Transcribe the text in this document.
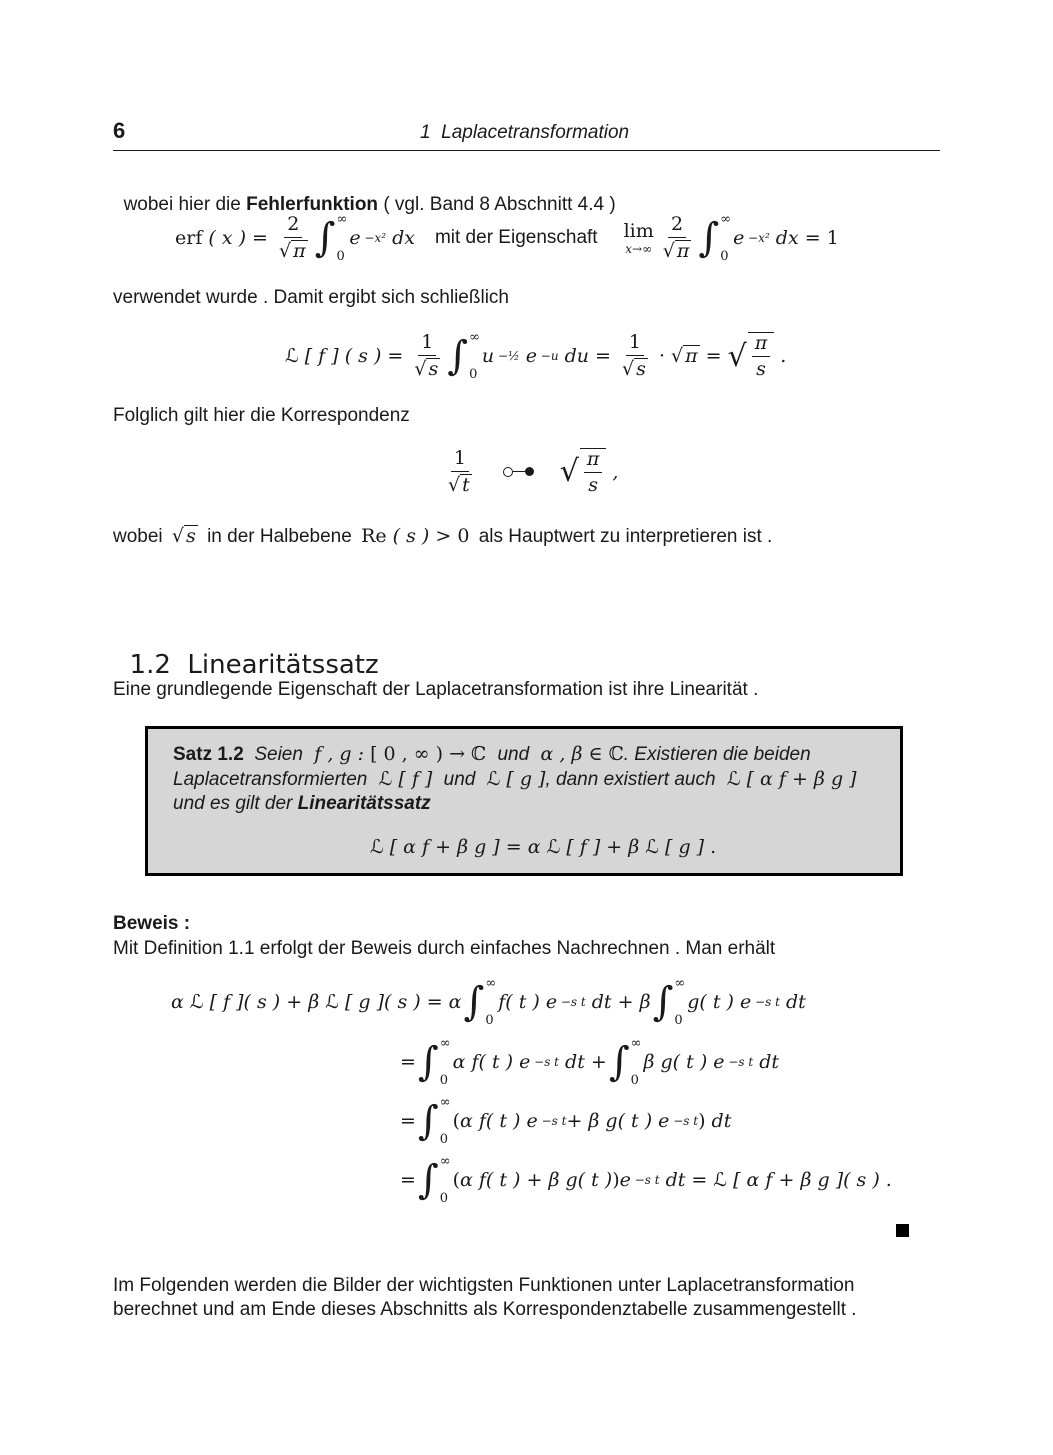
6	1  Laplacetransformation

wobei hier die Fehlerfunktion ( vgl. Band 8 Abschnitt 4.4 )

erf ( x ) = $\frac{2}{√ \pi}$ ∫ ∞
0
e −x² dx mit der Eigenschaft lim
$x\to\infty \frac{2}{√ \pi}$ ∫ ∞
0
e −x² dx = 1
verwendet wurde . Damit ergibt sich schließlich
ℒ [ f ] ( s ) = $\frac{1}{√ s}$ ∫ ∞
0
u −½ e −u du = $\frac{1}{√ s}$ · √ π = √ $\frac{\pi}{s}$ .
Folglich gilt hier die Korrespondenz
$\frac{1}{√ t}$	√ $\frac{\pi}{s}$ ,
wobei √ s in der Halbebene Re ( s ) > 0 als Hauptwert zu interpretieren ist .

1.2 Linearitätssatz

Eine grundlegende Eigenschaft der Laplacetransformation ist ihre Linearität .
Satz 1.2 Seien  f , g : [ 0 , ∞ ) → ℂ und  α , β ∈ ℂ. Existieren die beiden
Laplacetransformierten ℒ [ f ]  und ℒ [ g ], dann existiert auch ℒ [ α f + β g ]
und es gilt der Linearitätssatz
ℒ [ α f + β g ] = α ℒ [ f ] + β ℒ [ g ] .
Beweis :
Mit Definition 1.1 erfolgt der Beweis durch einfaches Nachrechnen . Man erhält
α ℒ [ f ]( s ) + β ℒ [ g ]( s ) = α ∫ ∞
0
f( t ) e −s t dt + β ∫ ∞
0
g( t ) e −s t dt
= ∫ ∞
0
α f( t ) e −s t dt + ∫ ∞
0
β g( t ) e −s t dt
= ∫ ∞
0
( α f( t ) e −s t + β g( t ) e −s t ) dt
= ∫ ∞
0
( α f( t ) + β g( t ) ) e −s t dt = ℒ [ α f + β g ]( s ) .
Im Folgenden werden die Bilder der wichtigsten Funktionen unter Laplacetransformation
berechnet und am Ende dieses Abschnitts als Korrespondenztabelle zusammengestellt .
